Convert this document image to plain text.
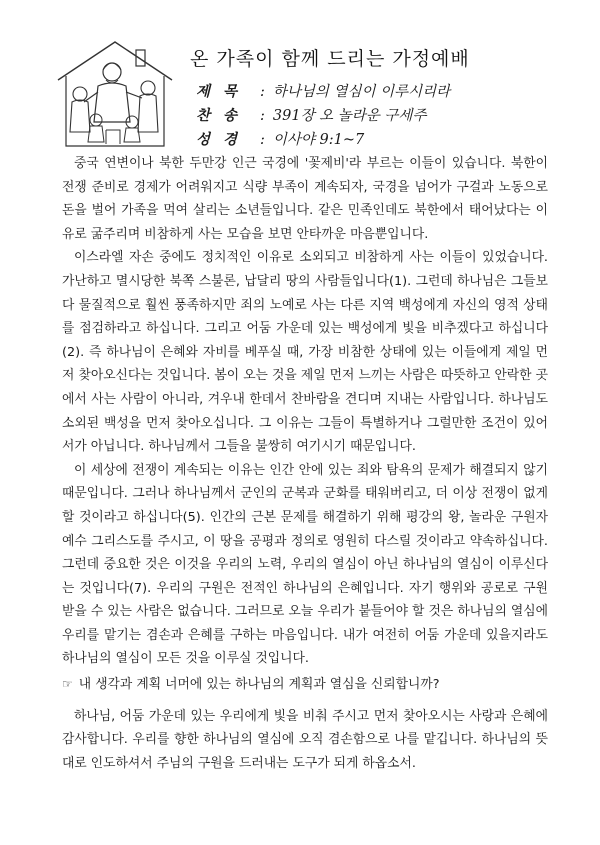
온 가족이 함께 드리는 가정예배
제 목	: 하나님의 열심이 이루시리라
찬 송	: 391장 오 놀라운 구세주
성 경	: 이사야 9:1~7

중국 연변이나 북한 두만강 인근 국경에 '꽃제비'라 부르는 이들이 있습니다. 북한이 전쟁 준비로 경제가 어려워지고 식량 부족이 계속되자, 국경을 넘어가 구걸과 노동으로 돈을 벌어 가족을 먹여 살리는 소년들입니다. 같은 민족인데도 북한에서 태어났다는 이유로 굶주리며 비참하게 사는 모습을 보면 안타까운 마음뿐입니다.

이스라엘 자손 중에도 정치적인 이유로 소외되고 비참하게 사는 이들이 있었습니다. 가난하고 멸시당한 북쪽 스불론, 납달리 땅의 사람들입니다(1). 그런데 하나님은 그들보다 물질적으로 훨씬 풍족하지만 죄의 노예로 사는 다른 지역 백성에게 자신의 영적 상태를 점검하라고 하십니다. 그리고 어둠 가운데 있는 백성에게 빛을 비추겠다고 하십니다(2). 즉 하나님이 은혜와 자비를 베푸실 때, 가장 비참한 상태에 있는 이들에게 제일 먼저 찾아오신다는 것입니다. 봄이 오는 것을 제일 먼저 느끼는 사람은 따뜻하고 안락한 곳에서 사는 사람이 아니라, 겨우내 한데서 찬바람을 견디며 지내는 사람입니다. 하나님도 소외된 백성을 먼저 찾아오십니다. 그 이유는 그들이 특별하거나 그럴만한 조건이 있어서가 아닙니다. 하나님께서 그들을 불쌍히 여기시기 때문입니다.

이 세상에 전쟁이 계속되는 이유는 인간 안에 있는 죄와 탐욕의 문제가 해결되지 않기 때문입니다. 그러나 하나님께서 군인의 군복과 군화를 태워버리고, 더 이상 전쟁이 없게 할 것이라고 하십니다(5). 인간의 근본 문제를 해결하기 위해 평강의 왕, 놀라운 구원자 예수 그리스도를 주시고, 이 땅을 공평과 정의로 영원히 다스릴 것이라고 약속하십니다. 그런데 중요한 것은 이것을 우리의 노력, 우리의 열심이 아닌 하나님의 열심이 이루신다는 것입니다(7). 우리의 구원은 전적인 하나님의 은혜입니다. 자기 행위와 공로로 구원받을 수 있는 사람은 없습니다. 그러므로 오늘 우리가 붙들어야 할 것은 하나님의 열심에 우리를 맡기는 겸손과 은혜를 구하는 마음입니다. 내가 여전히 어둠 가운데 있을지라도 하나님의 열심이 모든 것을 이루실 것입니다.

☞ 내 생각과 계획 너머에 있는 하나님의 계획과 열심을 신뢰합니까?

하나님, 어둠 가운데 있는 우리에게 빛을 비춰 주시고 먼저 찾아오시는 사랑과 은혜에 감사합니다. 우리를 향한 하나님의 열심에 오직 겸손함으로 나를 맡깁니다. 하나님의 뜻대로 인도하셔서 주님의 구원을 드러내는 도구가 되게 하옵소서.
